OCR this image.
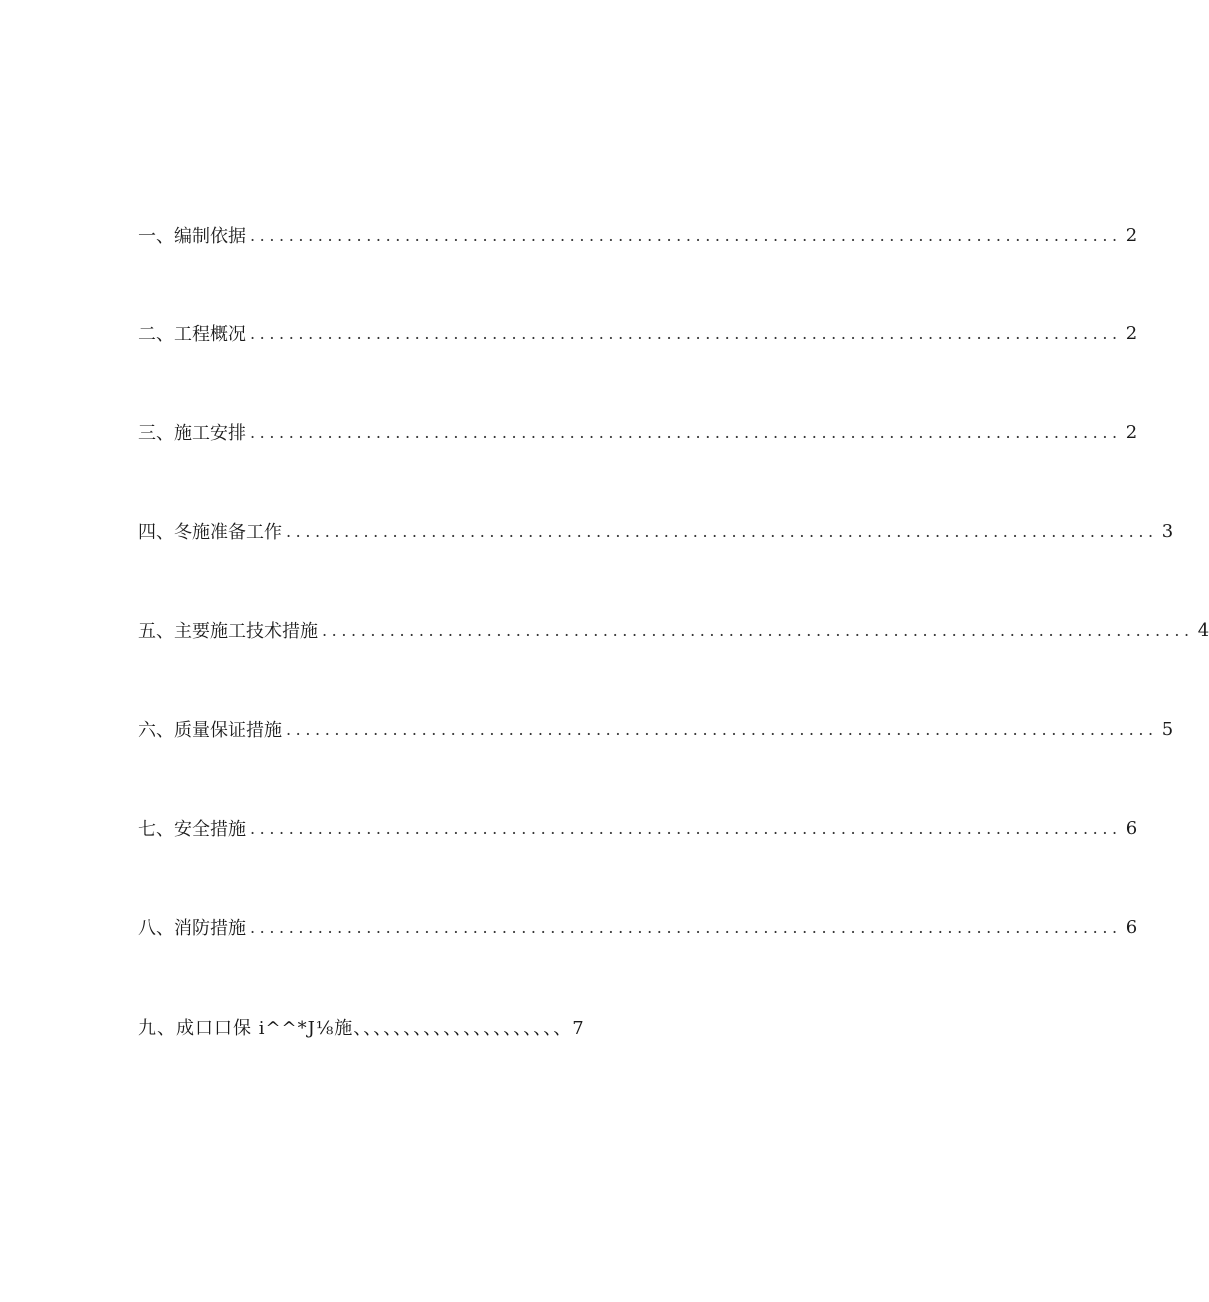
一、编制依据 .......................................................................................... 2
二、工程概况 .......................................................................................... 2
三、施工安排 .......................................................................................... 2
四、冬施准备工作 .......................................................................................... 3
五、主要施工技术措施 .......................................................................................... 4
六、质量保证措施 .......................................................................................... 5
七、安全措施 .......................................................................................... 6
八、消防措施 .......................................................................................... 6
九、成口口保 i^^*J⅛施、、、、、、、、、、、、、、、、、、、、、7
